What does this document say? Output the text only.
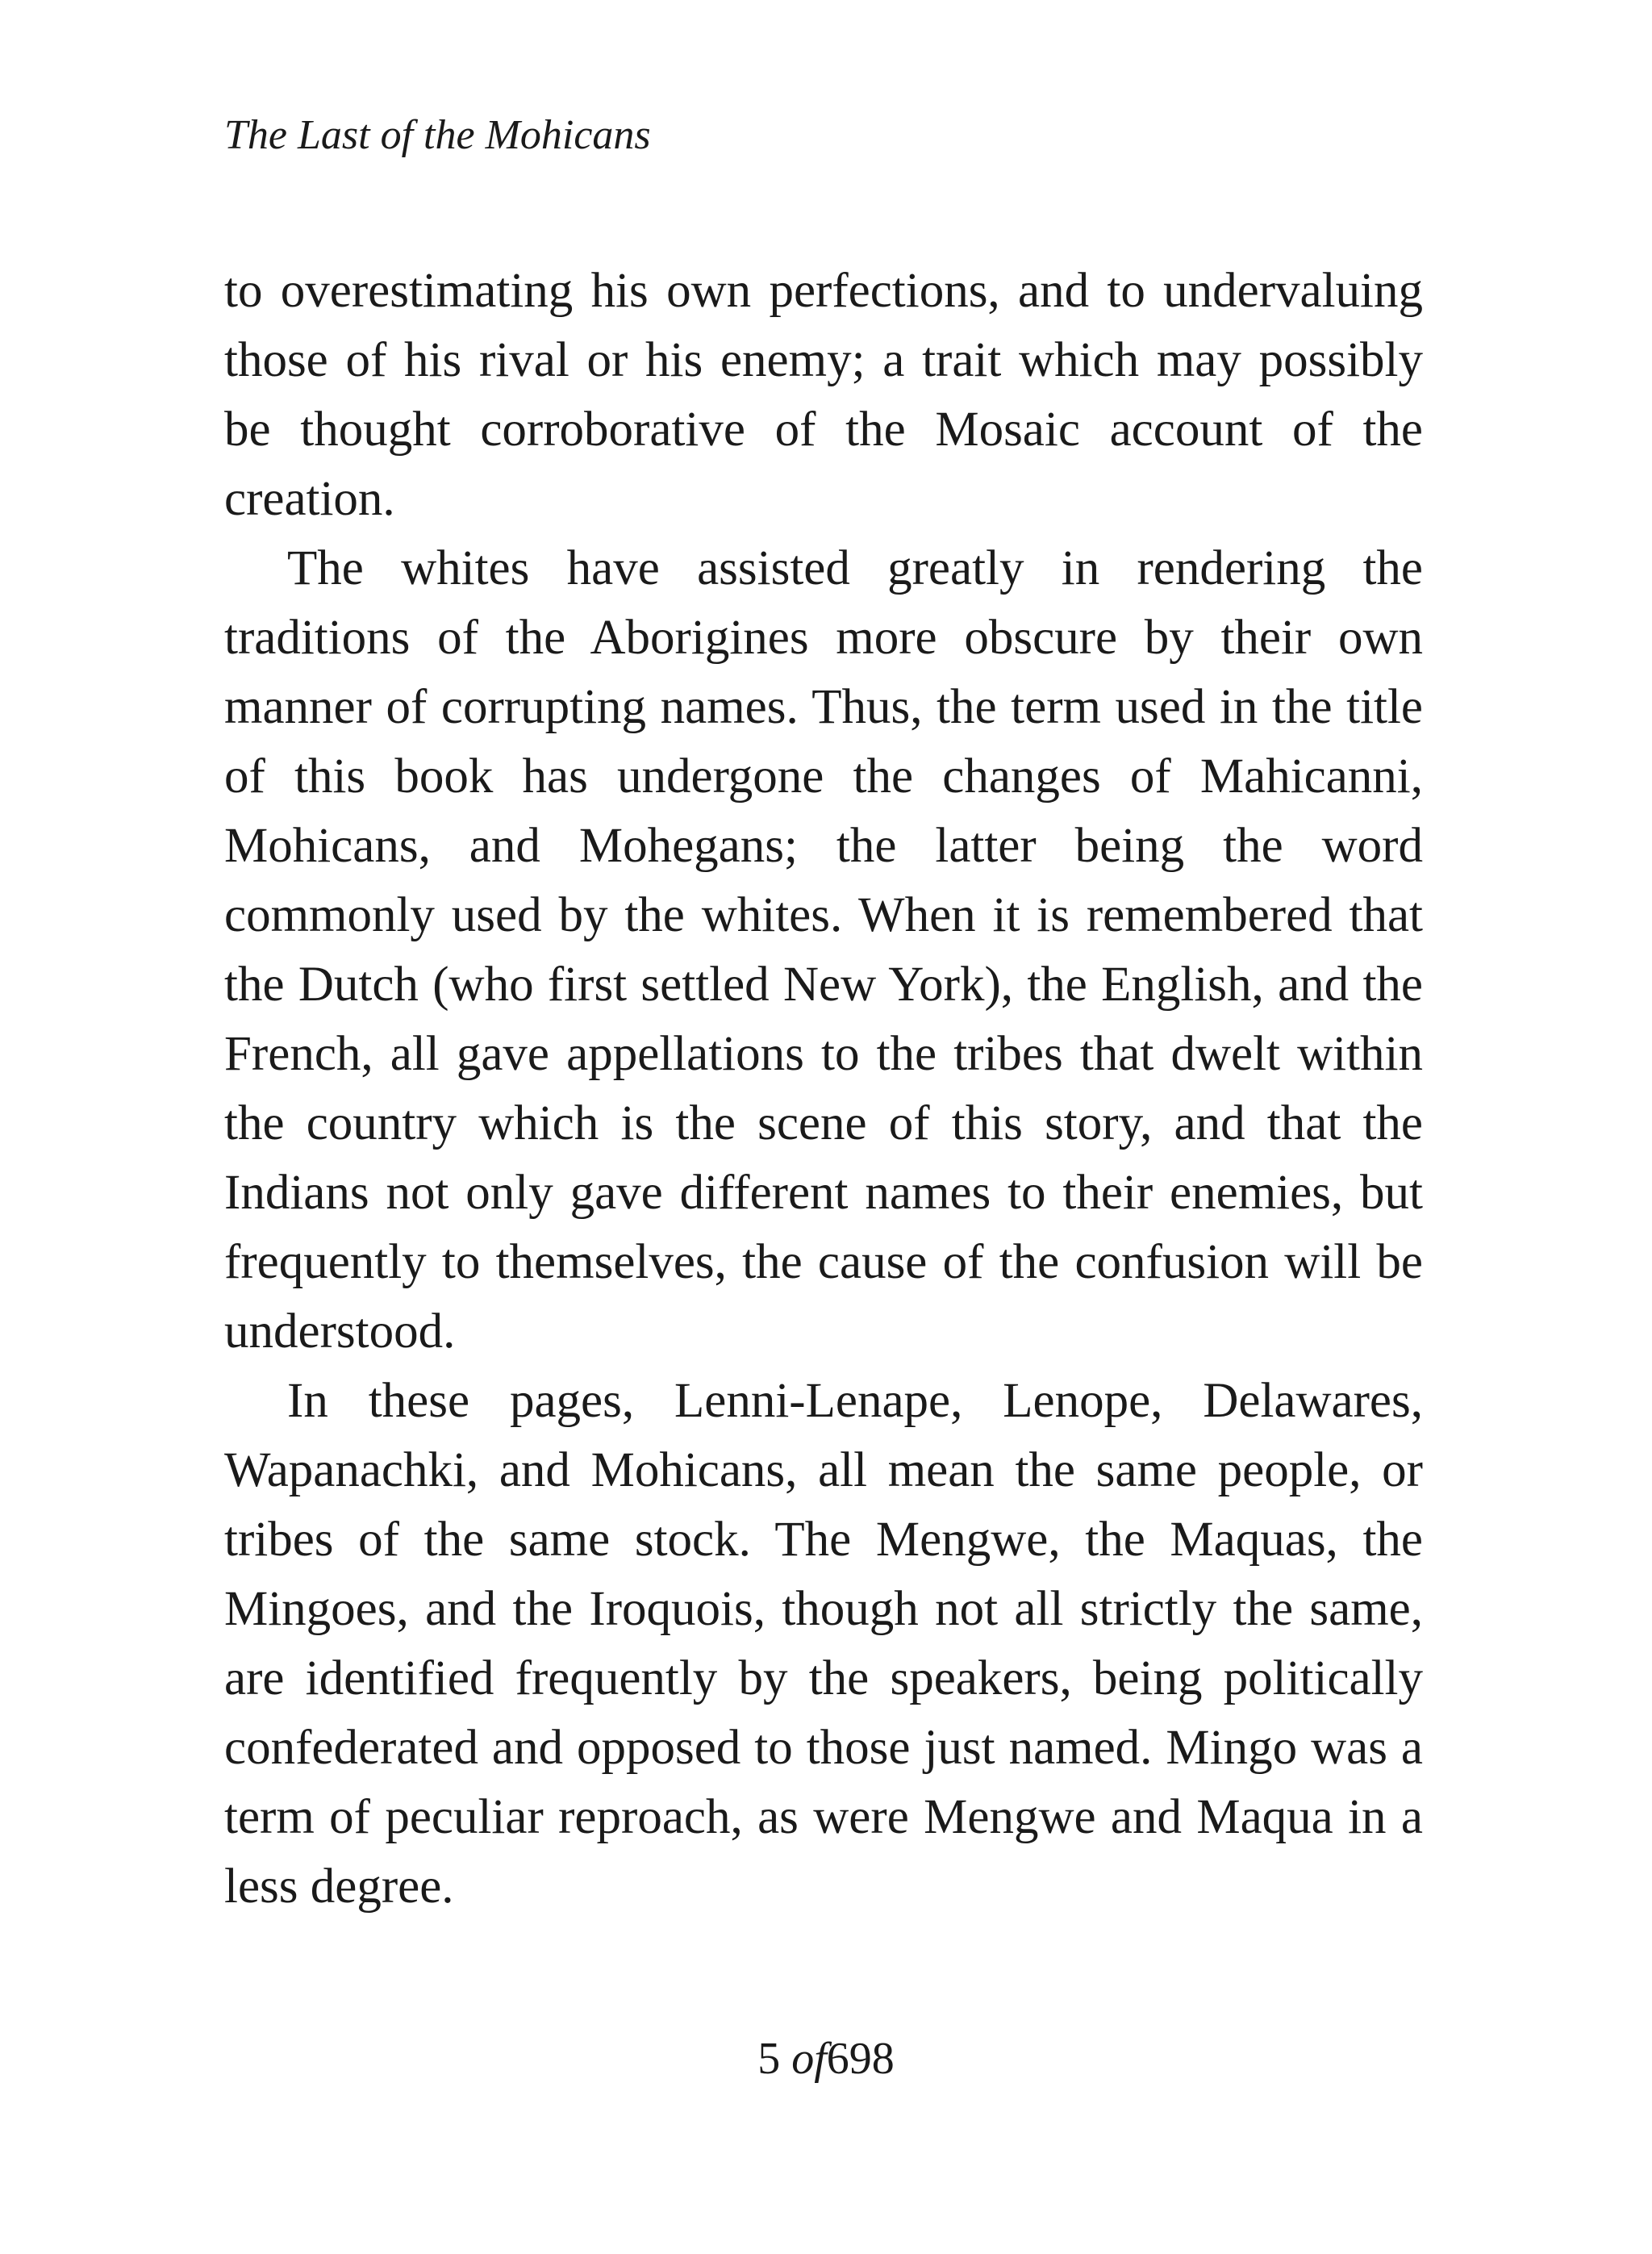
The Last of the Mohicans

to overestimating his own perfections, and to undervaluing those of his rival or his enemy; a trait which may possibly be thought corroborative of the Mosaic account of the creation.

The whites have assisted greatly in rendering the traditions of the Aborigines more obscure by their own manner of corrupting names. Thus, the term used in the title of this book has undergone the changes of Mahicanni, Mohicans, and Mohegans; the latter being the word commonly used by the whites. When it is remembered that the Dutch (who first settled New York), the English, and the French, all gave appellations to the tribes that dwelt within the country which is the scene of this story, and that the Indians not only gave different names to their enemies, but frequently to themselves, the cause of the confusion will be understood.

In these pages, Lenni-Lenape, Lenope, Delawares, Wapanachki, and Mohicans, all mean the same people, or tribes of the same stock. The Mengwe, the Maquas, the Mingoes, and the Iroquois, though not all strictly the same, are identified frequently by the speakers, being politically confederated and opposed to those just named. Mingo was a term of peculiar reproach, as were Mengwe and Maqua in a less degree.

5 of698
